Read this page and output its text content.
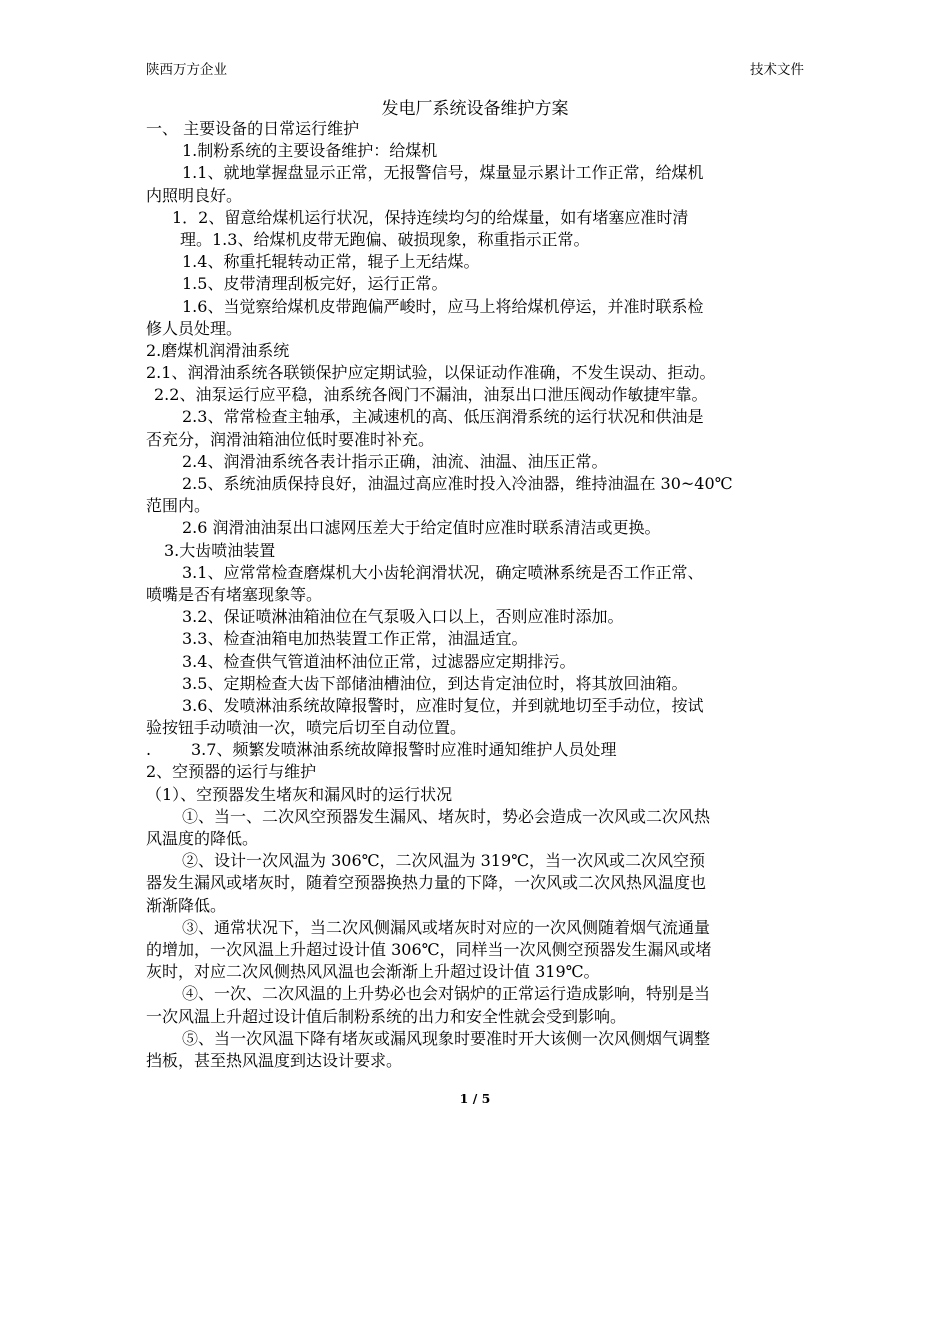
陕西万方企业	技术文件
发电厂系统设备维护方案
一、 主要设备的日常运行维护
1.制粉系统的主要设备维护：给煤机
1.1、就地掌握盘显示正常，无报警信号，煤量显示累计工作正常，给煤机
内照明良好。
1．2、留意给煤机运行状况，保持连续均匀的给煤量，如有堵塞应准时清
理。1.3、给煤机皮带无跑偏、破损现象，称重指示正常。
1.4、称重托辊转动正常，辊子上无结煤。
1.5、皮带清理刮板完好，运行正常。
1.6、当觉察给煤机皮带跑偏严峻时，应马上将给煤机停运，并准时联系检
修人员处理。
2.磨煤机润滑油系统
2.1、润滑油系统各联锁保护应定期试验，以保证动作准确，不发生误动、拒动。
2.2、油泵运行应平稳，油系统各阀门不漏油，油泵出口泄压阀动作敏捷牢靠。
2.3、常常检查主轴承，主减速机的高、低压润滑系统的运行状况和供油是
否充分，润滑油箱油位低时要准时补充。
2.4、润滑油系统各表计指示正确，油流、油温、油压正常。
2.5、系统油质保持良好，油温过高应准时投入冷油器，维持油温在 30~40℃
范围内。
2.6 润滑油油泵出口滤网压差大于给定值时应准时联系清洁或更换。
3.大齿喷油装置
3.1、应常常检查磨煤机大小齿轮润滑状况，确定喷淋系统是否工作正常、
喷嘴是否有堵塞现象等。
3.2、保证喷淋油箱油位在气泵吸入口以上，否则应准时添加。
3.3、检查油箱电加热装置工作正常，油温适宜。
3.4、检查供气管道油杯油位正常，过滤器应定期排污。
3.5、定期检查大齿下部储油槽油位，到达肯定油位时，将其放回油箱。
3.6、发喷淋油系统故障报警时，应准时复位，并到就地切至手动位，按试
验按钮手动喷油一次，喷完后切至自动位置。
. 3.7、频繁发喷淋油系统故障报警时应准时通知维护人员处理
2、空预器的运行与维护
（1）、空预器发生堵灰和漏风时的运行状况
①、当一、二次风空预器发生漏风、堵灰时，势必会造成一次风或二次风热
风温度的降低。
②、设计一次风温为 306℃，二次风温为 319℃，当一次风或二次风空预
器发生漏风或堵灰时，随着空预器换热力量的下降，一次风或二次风热风温度也
渐渐降低。
③、通常状况下，当二次风侧漏风或堵灰时对应的一次风侧随着烟气流通量
的增加，一次风温上升超过设计值 306℃，同样当一次风侧空预器发生漏风或堵
灰时，对应二次风侧热风风温也会渐渐上升超过设计值 319℃。
④、一次、二次风温的上升势必也会对锅炉的正常运行造成影响，特别是当
一次风温上升超过设计值后制粉系统的出力和安全性就会受到影响。
⑤、当一次风温下降有堵灰或漏风现象时要准时开大该侧一次风侧烟气调整
挡板，甚至热风温度到达设计要求。
1 / 5
